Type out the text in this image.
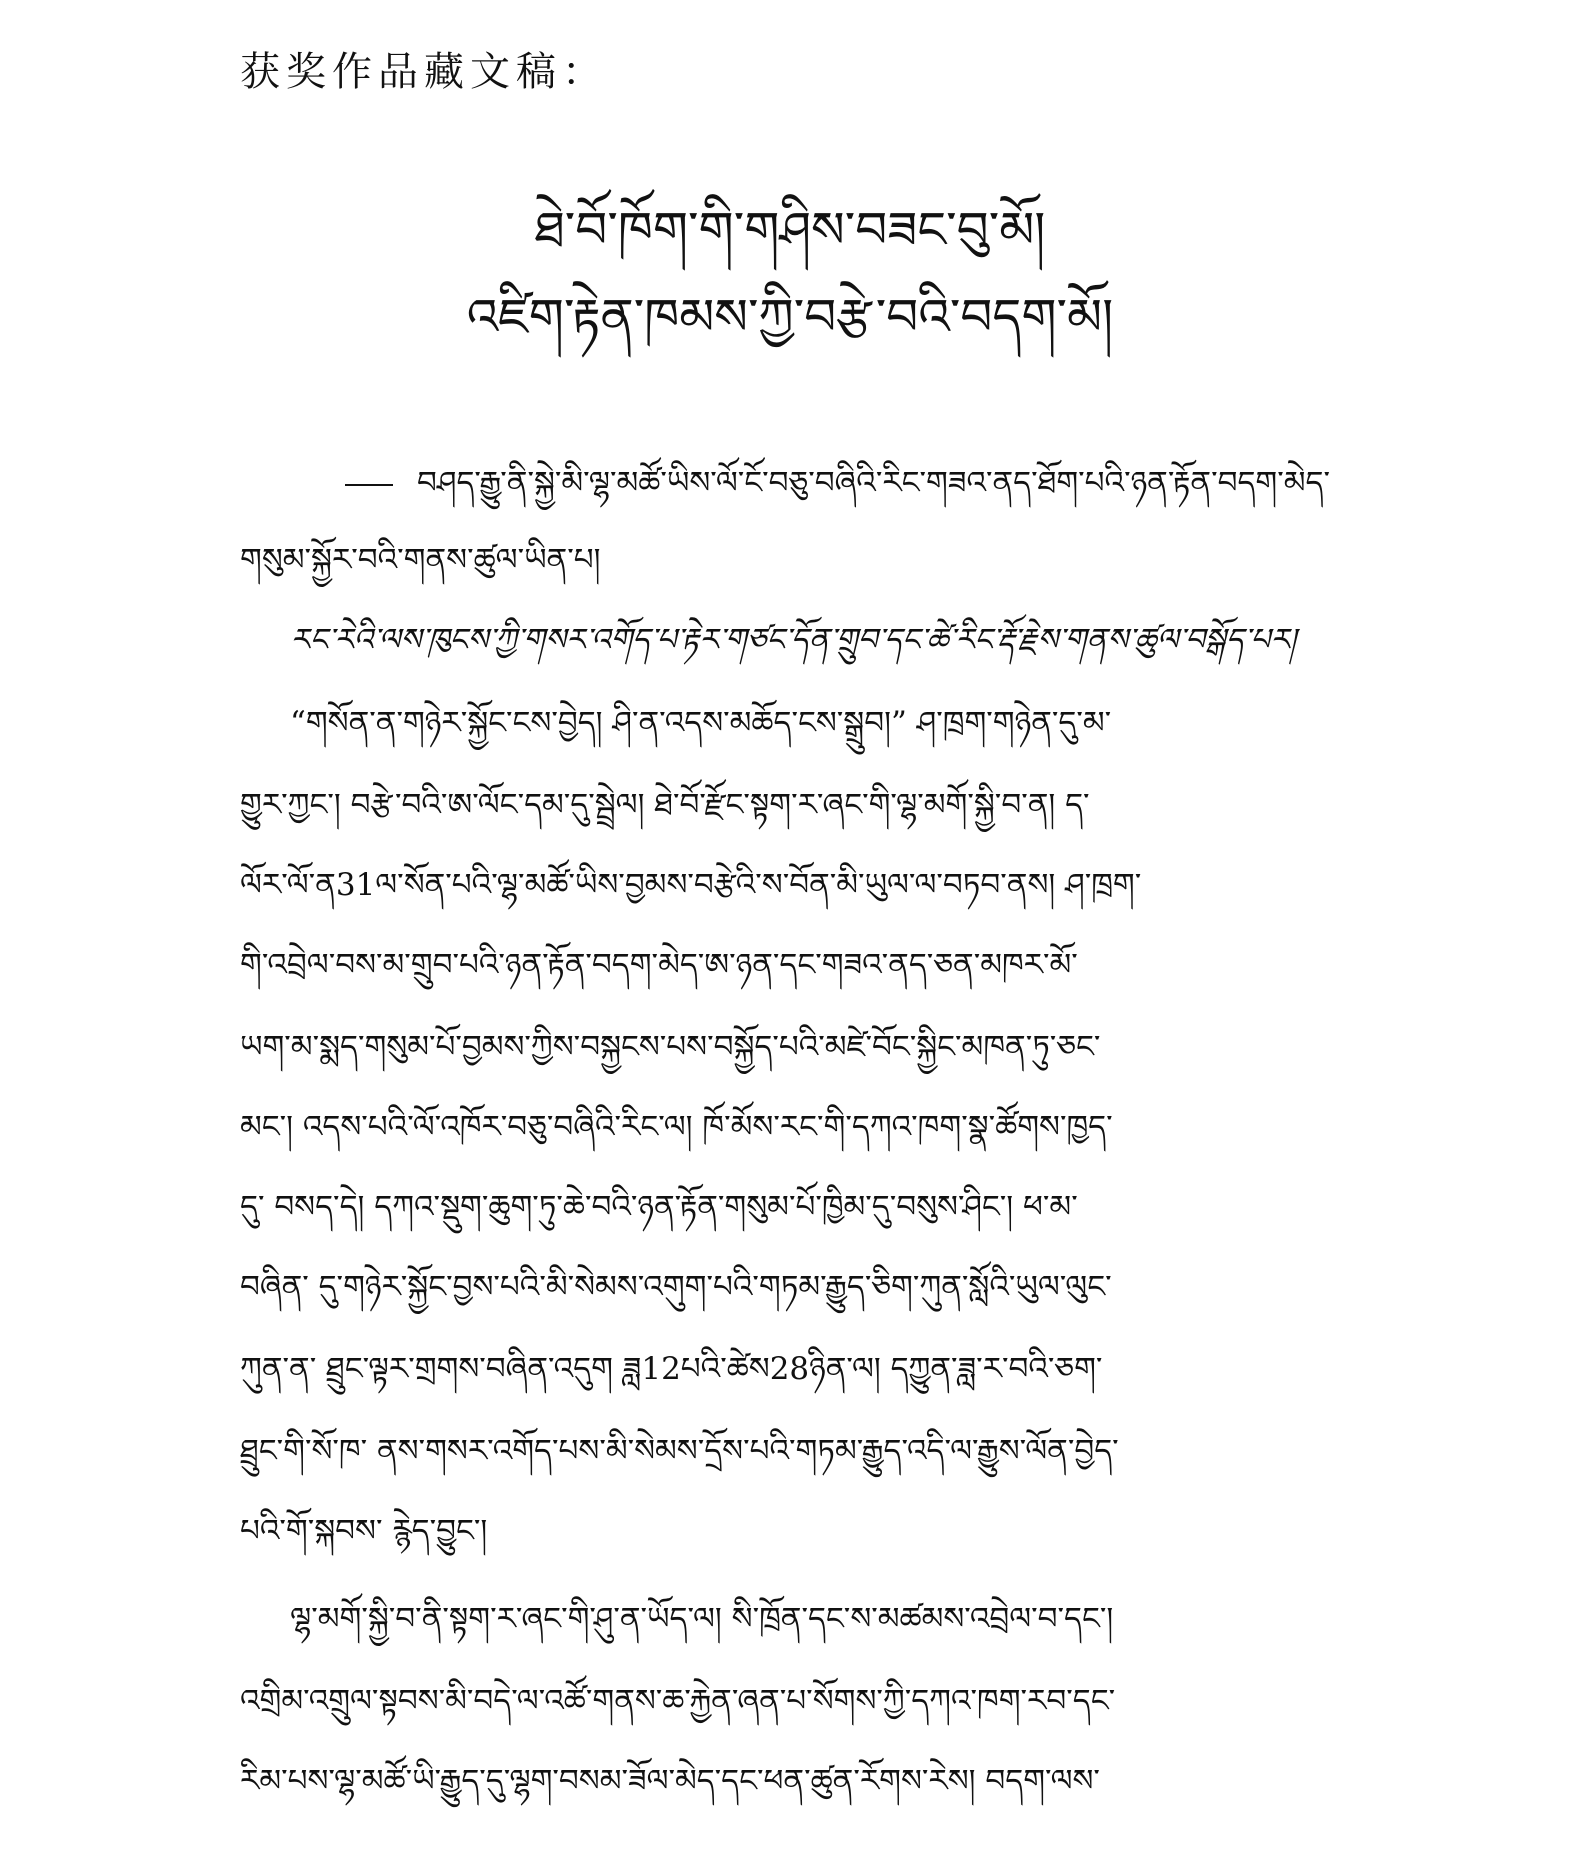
获奖作品藏文稿：
ཐེ་བོ་ཁོག་གི་གཤིས་བཟང་བུ་མོ།
འཛིག་རྟེན་ཁམས་ཀྱི་བརྩེ་བའི་བདག་མོ།
བཤད་རྒྱུ་ནི་སྐྱེ་མི་ལྷ་མཚོ་ཡིས་ལོ་ངོ་བཅུ་བཞིའི་རིང་གཟའ་ནད་ཐོག་པའི་ཉན་རྟོན་བདག་མེད་
གསུམ་སྐྱོར་བའི་གནས་ཚུལ་ཡིན་པ།
རང་རེའི་ལས་ཁུངས་ཀྱི་གསར་འགོད་པ་རྟེར་གཙང་དོན་གྲུབ་དང་ཚེ་རིང་རྡོ་རྗེས་གནས་ཚུལ་བསྒོད་པར།
“གསོན་ན་གཉེར་སྐྱོང་ངས་བྱེད། ཤི་ན་འདས་མཆོད་ངས་སྒྲུབ།” ཤ་ཁྲག་གཉེན་དུ་མ་
གྱུར་ཀྱང་། བརྩེ་བའི་ཨ་ལོང་དམ་དུ་སྦྲེལ། ཐེ་བོ་རྫོང་སྟག་ར་ཞང་གི་ལྷ་མགོ་སྐྱི་བ་ན། ད་
ལོར་ལོ་ན31ལ་སོན་པའི་ལྷ་མཚོ་ཡིས་བྱམས་བརྩེའི་ས་བོན་མི་ཡུལ་ལ་བཏབ་ནས། ཤ་ཁྲག་
གི་འབྲེལ་བས་མ་གྲུབ་པའི་ཉན་རྟོན་བདག་མེད་ཨ་ཉན་དང་གཟའ་ནད་ཅན་མཁར་མོ་
ཡག་མ་སྨད་གསུམ་པོ་བྱམས་ཀྱིས་བསྐྱངས་པས་བསྐྱོད་པའི་མཛེ་བོང་སྐྱིང་མཁན་ཏུ་ཅང་
མང་། འདས་པའི་ལོ་འཁོར་བཅུ་བཞིའི་རིང་ལ། ཁོ་མོས་རང་གི་དཀའ་ཁག་སྣ་ཚོགས་ཁྱད་
དུ་ བསད་དེ། དཀའ་སྡུག་ཆུག་ཏུ་ཆེ་བའི་ཉན་རྟོན་གསུམ་པོ་ཁྱིམ་དུ་བསུས་ཤིང་། ཕ་མ་
བཞིན་ དུ་གཉེར་སྐྱོང་བྱས་པའི་མི་སེམས་འགུག་པའི་གཏམ་རྒྱུད་ཅིག་ཀུན་སློའི་ཡུལ་ལུང་
ཀུན་ན་ ཐྲུང་ལྟར་གྲགས་བཞིན་འདུག ཟླ12པའི་ཚེས28ཉིན་ལ། དཀྱུན་ཟླ་ར་བའི་ཅག་
ཐྲུང་གི་སོ་ཁ་ ནས་གསར་འགོད་པས་མི་སེམས་དྲོས་པའི་གཏམ་རྒྱུད་འདི་ལ་རྒྱུས་ལོན་བྱེད་
པའི་གོ་སྐབས་ རྙེད་བྱུང་།
ལྷ་མགོ་སྐྱི་བ་ནི་སྟག་ར་ཞང་གི་ཤུ་ན་ཡོད་ལ། སི་ཁྲོན་དང་ས་མཚམས་འབྲེལ་བ་དང་།
འགྲིམ་འགྲུལ་སྟབས་མི་བདེ་ལ་འཚོ་གནས་ཆ་རྐྱེན་ཞན་པ་སོགས་ཀྱི་དཀའ་ཁག་རབ་དང་
རིམ་པས་ལྷ་མཚོ་ཡི་རྒྱུད་དུ་ལྷག་བསམ་ཟོལ་མེད་དང་ཕན་ཚུན་རོགས་རེས། བདག་ལས་
